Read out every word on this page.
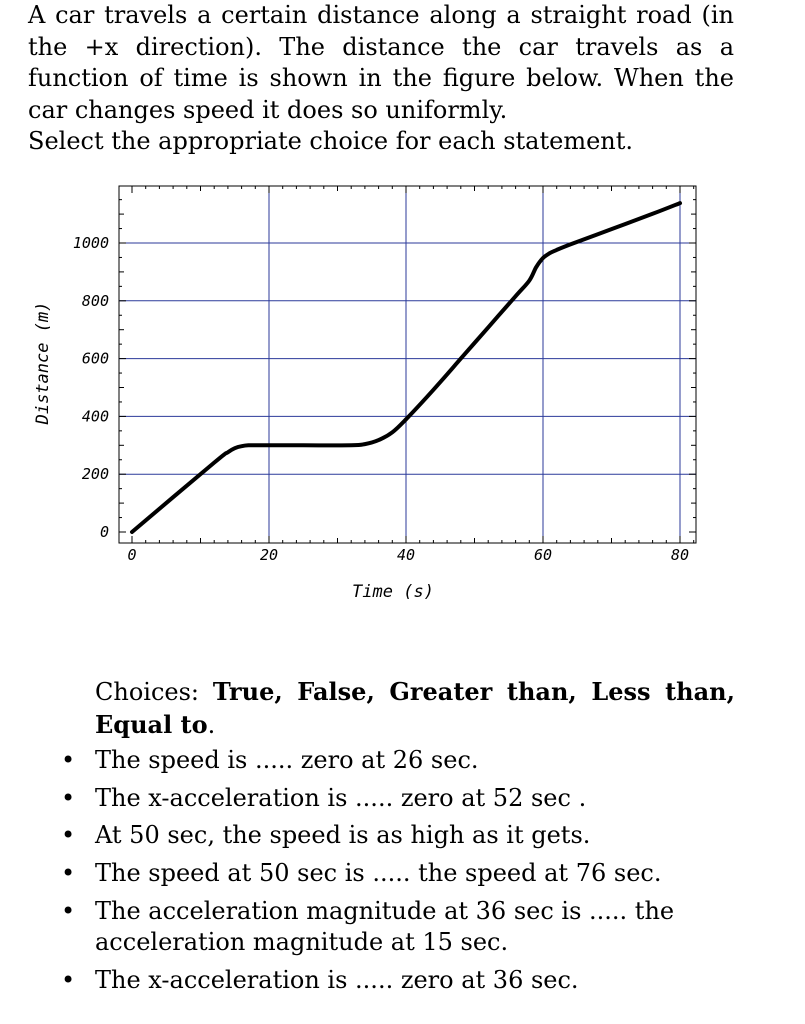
A car travels a certain distance along a straight road (in the +x direction). The distance the car travels as a function of time is shown in the figure below. When the car changes speed it does so uniformly.

Select the appropriate choice for each statement.

0	20	40	60	80
0
200
400
600
800
1000
Time (s)
Distance (m)

Choices: True, False, Greater than, Less than, Equal to.

• The speed is ..... zero at 26 sec.
• The x-acceleration is ..... zero at 52 sec .
• At 50 sec, the speed is as high as it gets.
• The speed at 50 sec is ..... the speed at 76 sec.
• The acceleration magnitude at 36 sec is ..... the acceleration magnitude at 15 sec.
• The x-acceleration is ..... zero at 36 sec.
